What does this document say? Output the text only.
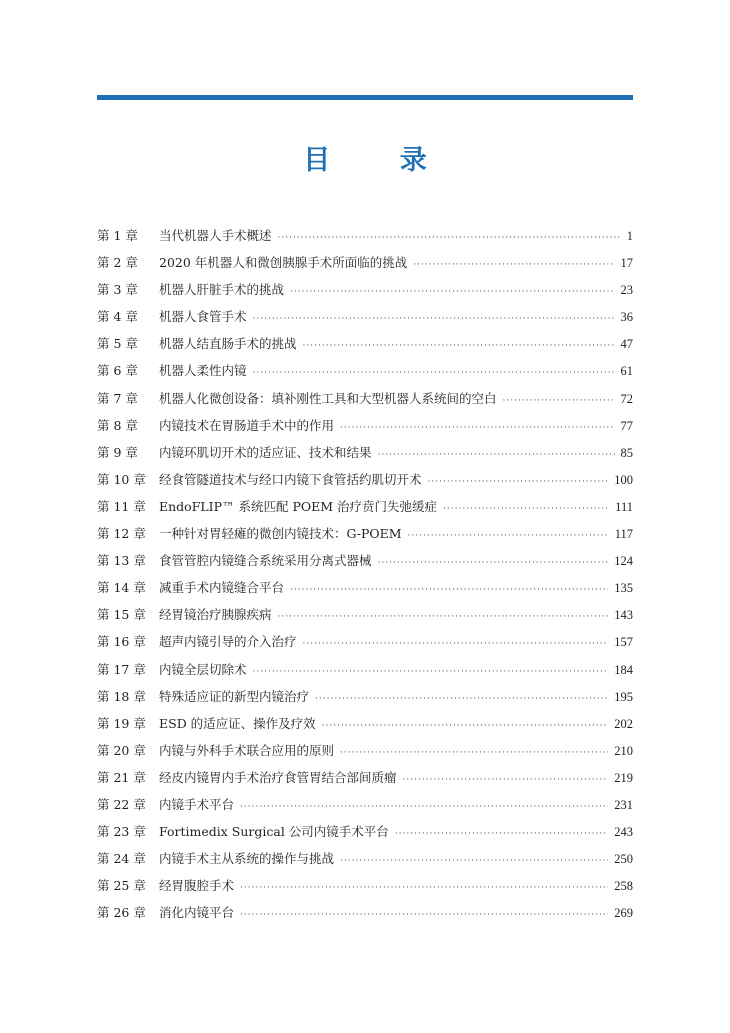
目 录
第 1 章	当代机器人手术概述 ·····	1
第 2 章	2020 年机器人和微创胰腺手术所面临的挑战 ·····	17
第 3 章	机器人肝脏手术的挑战 ·····	23
第 4 章	机器人食管手术 ·····	36
第 5 章	机器人结直肠手术的挑战 ·····	47
第 6 章	机器人柔性内镜 ·····	61
第 7 章	机器人化微创设备：填补刚性工具和大型机器人系统间的空白 ·····	72
第 8 章	内镜技术在胃肠道手术中的作用 ·····	77
第 9 章	内镜环肌切开术的适应证、技术和结果 ·····	85
第 10 章	经食管隧道技术与经口内镜下食管括约肌切开术 ·····	100
第 11 章	EndoFLIP™ 系统匹配 POEM 治疗贲门失弛缓症 ·····	111
第 12 章	一种针对胃轻瘫的微创内镜技术：G-POEM ·····	117
第 13 章	食管管腔内镜缝合系统采用分离式器械 ·····	124
第 14 章	减重手术内镜缝合平台 ·····	135
第 15 章	经胃镜治疗胰腺疾病 ·····	143
第 16 章	超声内镜引导的介入治疗 ·····	157
第 17 章	内镜全层切除术 ·····	184
第 18 章	特殊适应证的新型内镜治疗 ·····	195
第 19 章	ESD 的适应证、操作及疗效 ·····	202
第 20 章	内镜与外科手术联合应用的原则 ·····	210
第 21 章	经皮内镜胃内手术治疗食管胃结合部间质瘤 ·····	219
第 22 章	内镜手术平台 ·····	231
第 23 章	Fortimedix Surgical 公司内镜手术平台 ·····	243
第 24 章	内镜手术主从系统的操作与挑战 ·····	250
第 25 章	经胃腹腔手术 ·····	258
第 26 章	消化内镜平台 ·····	269
